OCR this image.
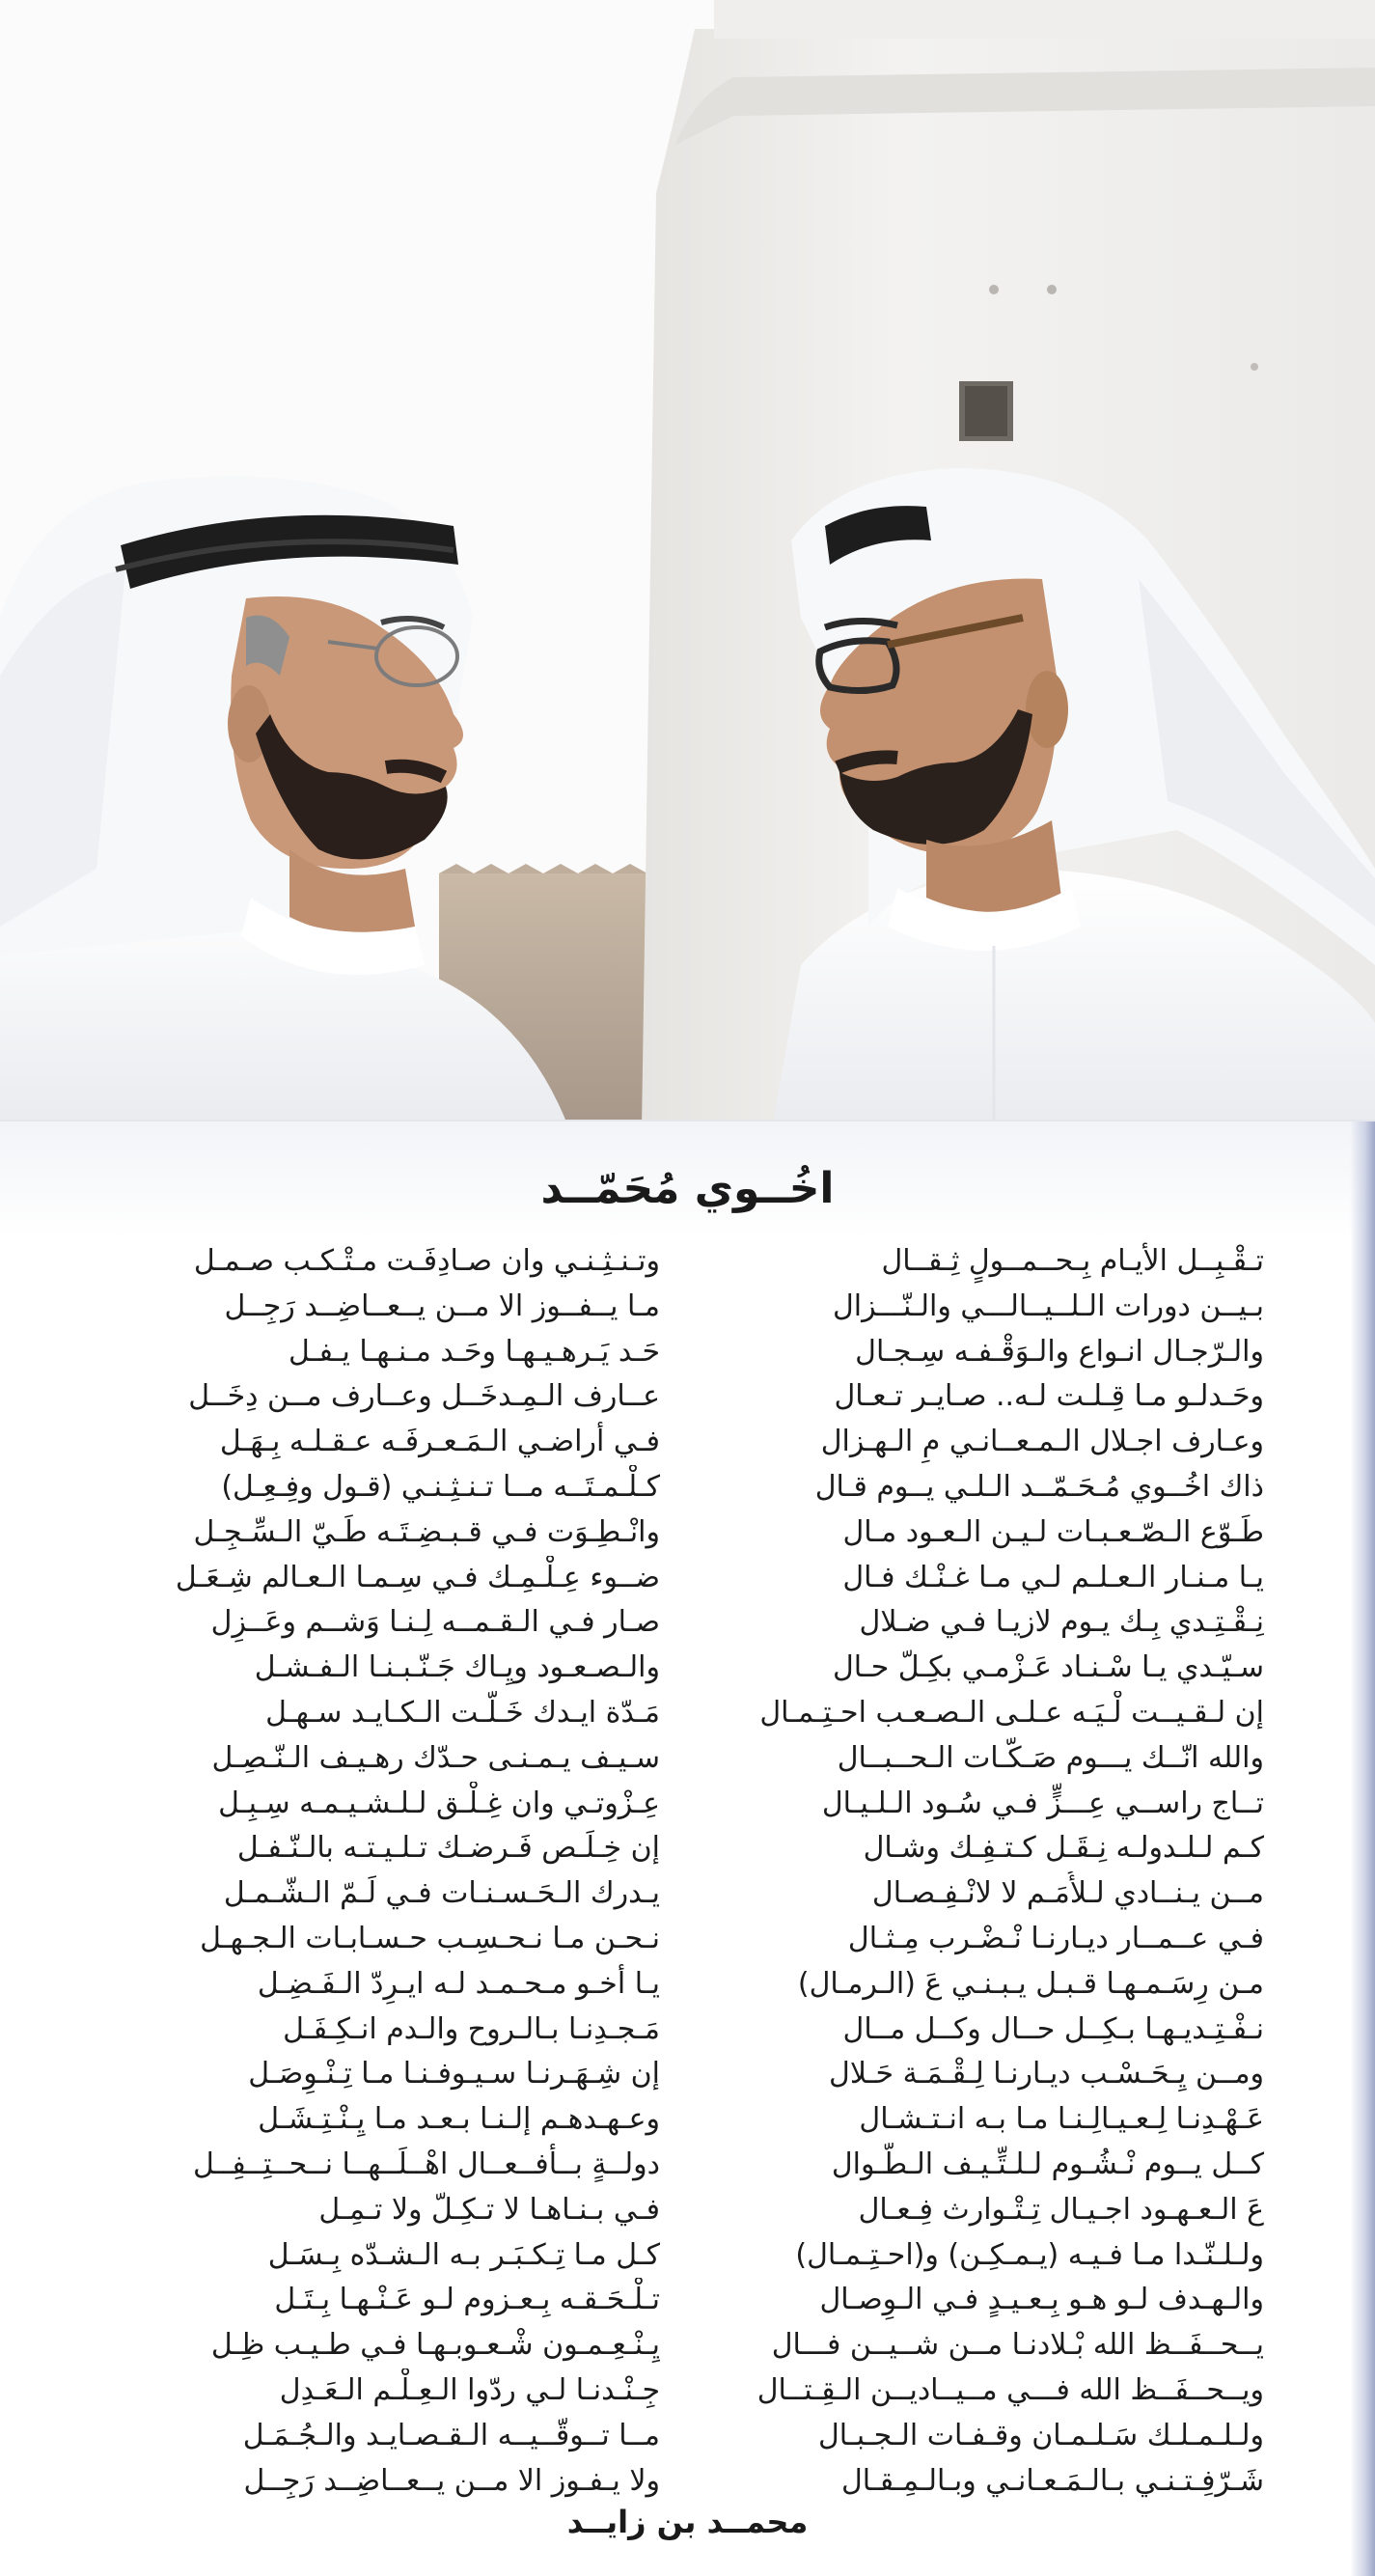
اخُــوي مُحَمّــد
تـقْـبِــل الأيـام بِـحــمــولٍ ثِـقــال
بـيــن دورات الـلــيــالـــي والـنّـــزال
والـرّجـال انـواع والـوَقْـفـه سِـجـال
وحَـدلـو مـا قِـلـت لـه.. صـايـر تـعـال
وعـارف اجـلال الـمـعــانـي مِ الـهـزال
ذاك اخُــوي مُـحَـمّــد الـلـي يــوم قـال
طَـوّع الـصّـعـبـات لـيـن الـعـود مـال
يـا مـنـار الـعـلـم لـي مـا غـنْـك فـال
نِـقْـتِـدي بِـك يـوم لازيـا فـي ضـلال
سـيّـدي يـا سْـنـاد عَـزْمـي بكِـلّ حـال
إن لـقـيــت لْـيَـه عـلـى الـصـعـب احـتِـمـال
والله انّــك يـــوم صَـكّـات الـحــبــال
تــاج راســي عِـــزٍّ فـي سُـود الـلـيـال
كـم لـلـدولـه نِـقَـل كـتـفِـك وشـال
مــن يـنــادي لـلأُمَـم لا لانْـفِـصـال
فـي عــمــار ديـارنـا نْـضْـرب مِـثـال
مـن رِسَـمـهـا قـبـل يـبـنـي عَ (الـرمـال)
نـفْـتِـديـهـا بـكِــل حــال وكــل مــال
ومــن يِـحَـسْـب ديـارنـا لِـقْـمَـة حَـلال
عَـهْـدِنـا لِـعـيـالِـنـا مـا بـه انـتـشـال
كــل يــوم نْـشُـوم لـلـتِّـيـف الـطّـوال
عَ الـعـهـود اجـيـال تِـتْـوارث فِـعـال
ولـلـنّـدا مـا فـيـه (يـمـكِـن) و(احـتِـمـال)
والـهـدف لـو هـو بِـعـيـدٍ فـي الـوِصـال
يــحــفَــظ الله بْـلادنـا مــن شــيــن فـــال
ويــحــفَــظ الله فـــي مــيــاديــن الـقِـتــال
ولـلـمـلـك سَـلـمـان وقـفـات الـجـبـال
شَـرّفِـتـنـي بـالـمَـعـانـي وبـالـمِـقـال
وتـنـثِـنـي وان صـادِفَـت مـتْـكـب صـمـل
مـا يــفــوز الا مــن يــعــاضِــد رَجِــل
حَـد يَـرهـيـهـا وحَـد مـنـهـا يـفـل
عــارف الـمِـدخَــل وعــارف مــن دِخَــل
فـي أراضـي الـمَـعـرفَـه عـقـلـه بِـهَـل
كـلْـمـتَــه مــا تـنـثِـنـي (قـول وفِـعِـل)
وانْـطِـوَت فـي قـبـضِـتَـه طَـيّ الـسِّـجِـل
ضــوء عِـلْـمِـك فـي سِـمـا الـعـالم شِـعَـل
صـار فـي الـقـمــه لِـنـا وَشــم وعَــزِل
والـصـعـود ويِـاك جَـنّـبـنـا الـفـشـل
مَـدّة ايـدك خَـلّـت الـكـايـد سـهـل
سـيـف يـمـنـى حـدّك رهـيـف الـنّـصِـل
عِـزْوتـي وان غِـلْـق لـلـشـيـمـه سِـبِـل
إن خِـلَـص فَـرضـك تـلـيـتـه بالـنّـفـل
يـدرك الـحَـسـنـات فـي لَـمّ الـشّـمـل
نـحـن مـا نـحـسِـب حـسـابـات الـجـهـل
يـا أخـو مـحـمـد لـه ايـرِدّ الـفَـضِـل
مَـجـدِنـا بـالـروح والـدم انـكِـفَـل
إن شِـهَـرنـا سـيـوفـنـا مـا تِـنْـوِصَـل
وعـهـدهـم إلـنـا بـعـد مـا يِـنْـتِـشَـل
دولــةٍ بــأفــعــال اهْــلَــهــا نــحــتِــفِــل
فـي بـنـاهـا لا تـكِـلّ ولا تـمِـل
كـل مـا تِـكـبَـر بـه الـشـدّه بِـسَـل
تـلْـحَـقـه بِـعـزوم لـو عَـنْـهـا بِـتَـل
يِـنْـعِـمـون شْـعـوبـهـا فـي طـيـب ظِـل
جِـنْـدنـا لـي ردّوا الـعِـلْـم الـعَـدِل
مــا تــوقّــيــه الـقـصـايـد والـجُـمَـل
ولا يـفـوز الا مــن يــعــاضِــد رَجِــل
محمــد بن زايــد
